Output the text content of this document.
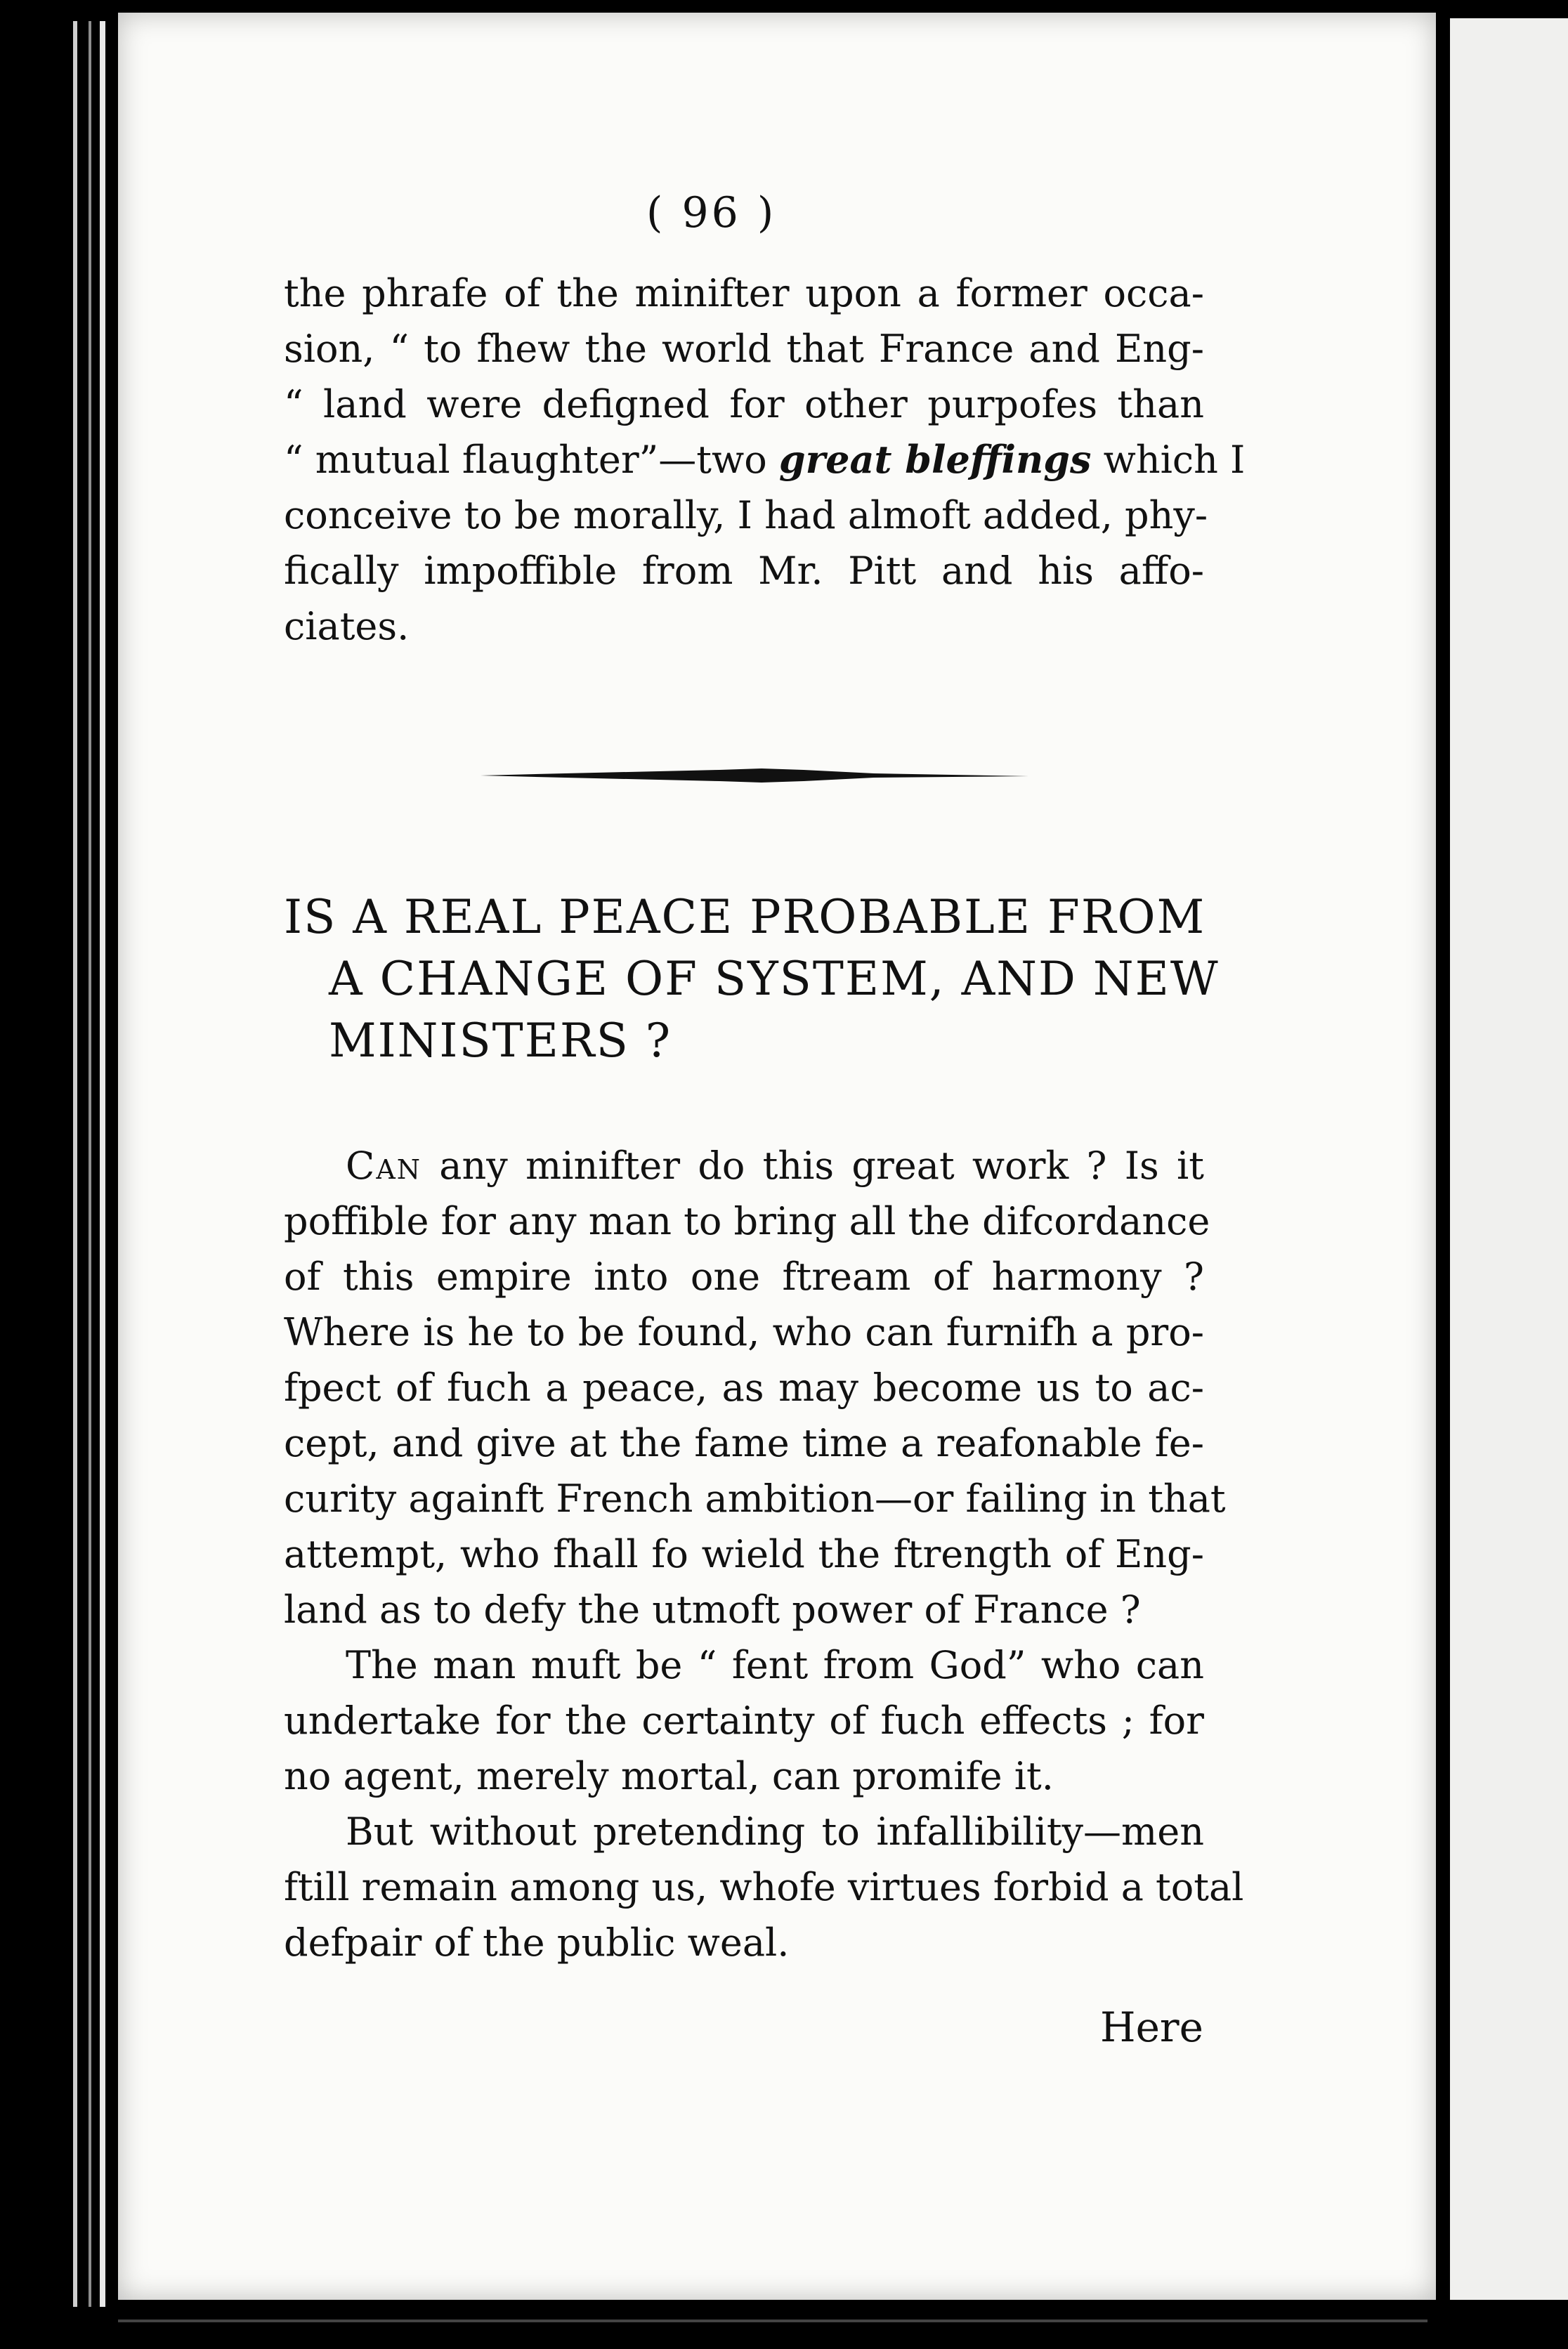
( 96 )
the phrafe of the minifter upon a former occa-
sion, “ to fhew the world that France and Eng-
“ land were defigned for other purpofes than
“ mutual flaughter”—two great bleffings which I
conceive to be morally, I had almoft added, phy-
fically impoffible from Mr. Pitt and his affo-
ciates.
IS A REAL PEACE PROBABLE FROM
A CHANGE OF SYSTEM, AND NEW
MINISTERS ?
Can any minifter do this great work ? Is it
poffible for any man to bring all the difcordance
of this empire into one ftream of harmony ?
Where is he to be found, who can furnifh a pro-
fpect of fuch a peace, as may become us to ac-
cept, and give at the fame time a reafonable fe-
curity againft French ambition—or failing in that
attempt, who fhall fo wield the ftrength of Eng-
land as to defy the utmoft power of France ?
The man muft be “ fent from God” who can
undertake for the certainty of fuch effects ; for
no agent, merely mortal, can promife it.
But without pretending to infallibility—men
ftill remain among us, whofe virtues forbid a total
defpair of the public weal.
Here
